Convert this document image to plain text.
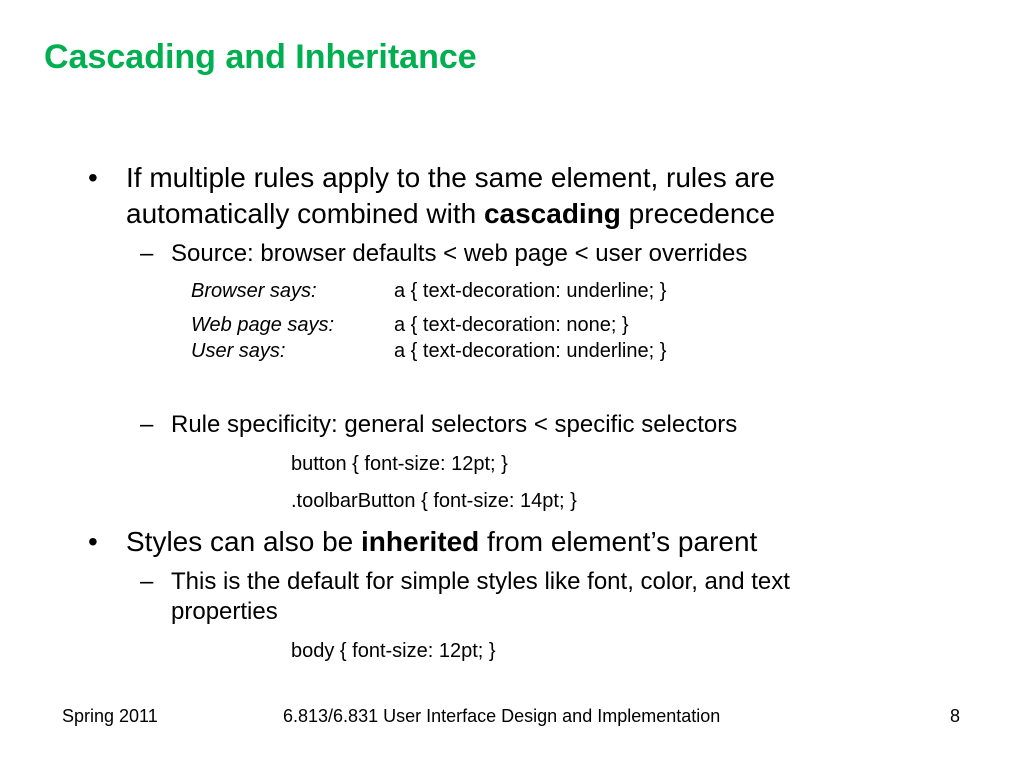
Cascading and Inheritance
• If multiple rules apply to the same element, rules are
automatically combined with cascading precedence
– Source: browser defaults < web page < user overrides
Browser says:	a { text-decoration: underline; }
Web page says:	a { text-decoration: none; }
User says:	a { text-decoration: underline; }
– Rule specificity: general selectors < specific selectors
button { font-size: 12pt; }
.toolbarButton { font-size: 14pt; }
• Styles can also be inherited from element’s parent
– This is the default for simple styles like font, color, and text
properties
body { font-size: 12pt; }
Spring 2011	6.813/6.831 User Interface Design and Implementation	8
